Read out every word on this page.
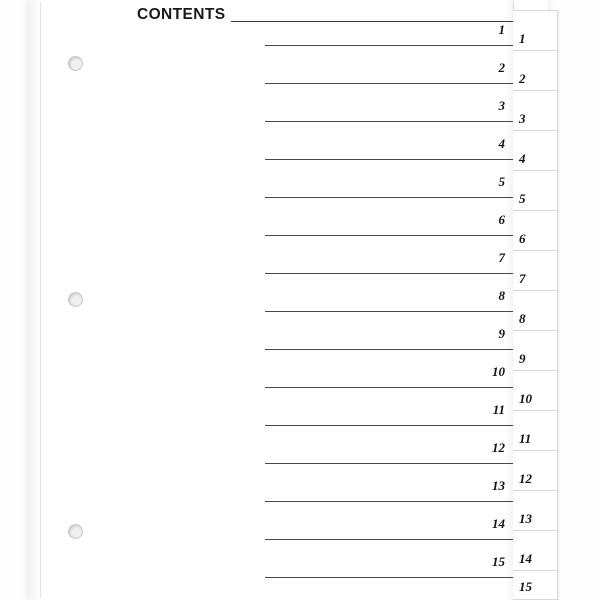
CONTENTS
1
2
3
4
5
6
7
8
9
10
11
12
13
14
15
1
2
3
4
5
6
7
8
9
10
11
12
13
14
15
